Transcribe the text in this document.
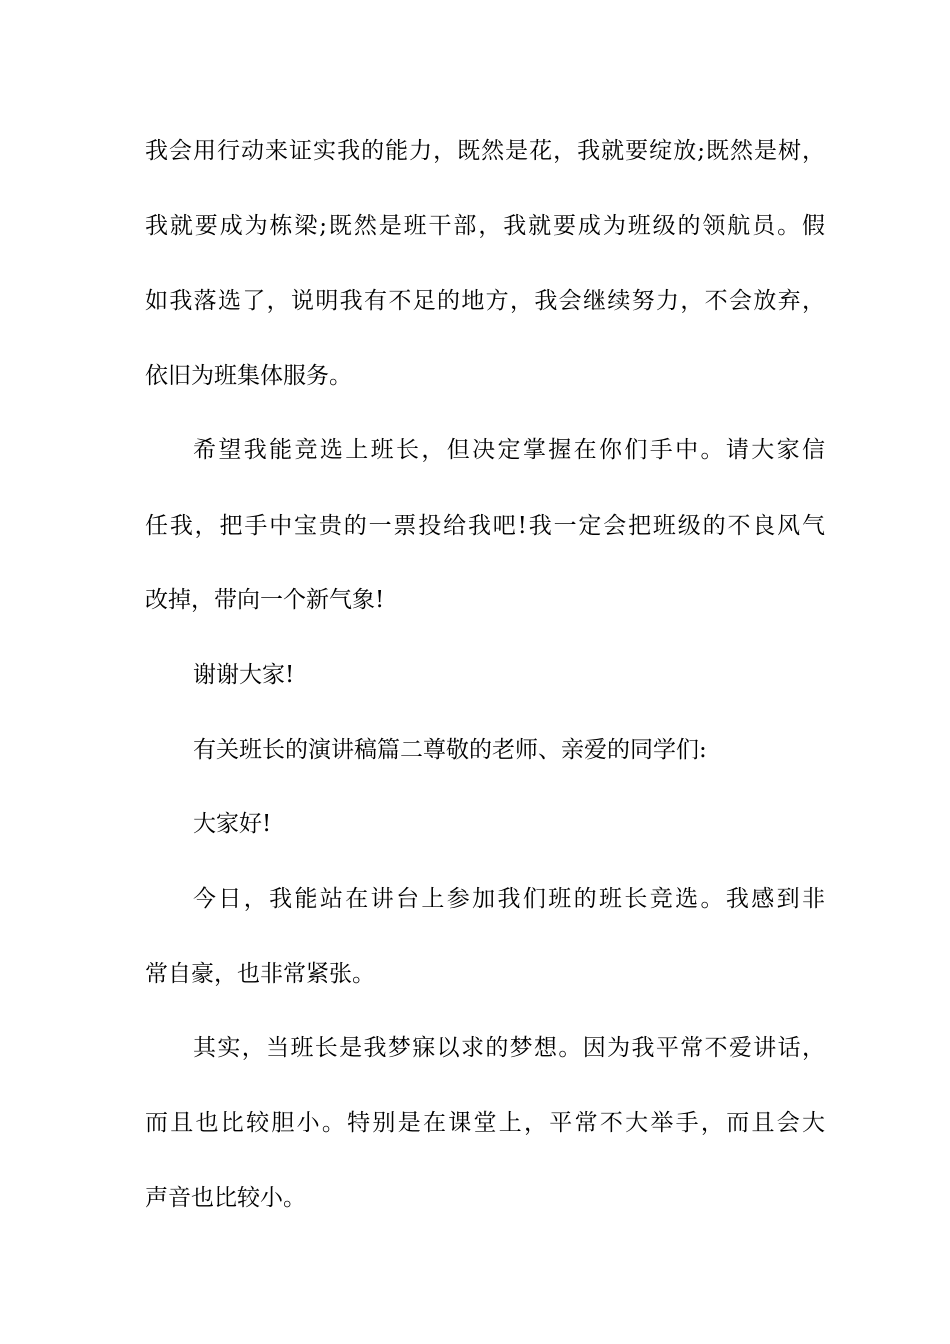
我会用行动来证实我的能力，既然是花，我就要绽放;既然是树，
我就要成为栋梁;既然是班干部，我就要成为班级的领航员。假
如我落选了，说明我有不足的地方，我会继续努力，不会放弃，
依旧为班集体服务。
希望我能竞选上班长，但决定掌握在你们手中。请大家信
任我，把手中宝贵的一票投给我吧!我一定会把班级的不良风气
改掉，带向一个新气象!
谢谢大家!
有关班长的演讲稿篇二尊敬的老师、亲爱的同学们:
大家好!
今日，我能站在讲台上参加我们班的班长竞选。我感到非
常自豪，也非常紧张。
其实，当班长是我梦寐以求的梦想。因为我平常不爱讲话，
而且也比较胆小。特别是在课堂上，平常不大举手，而且会大
声音也比较小。
